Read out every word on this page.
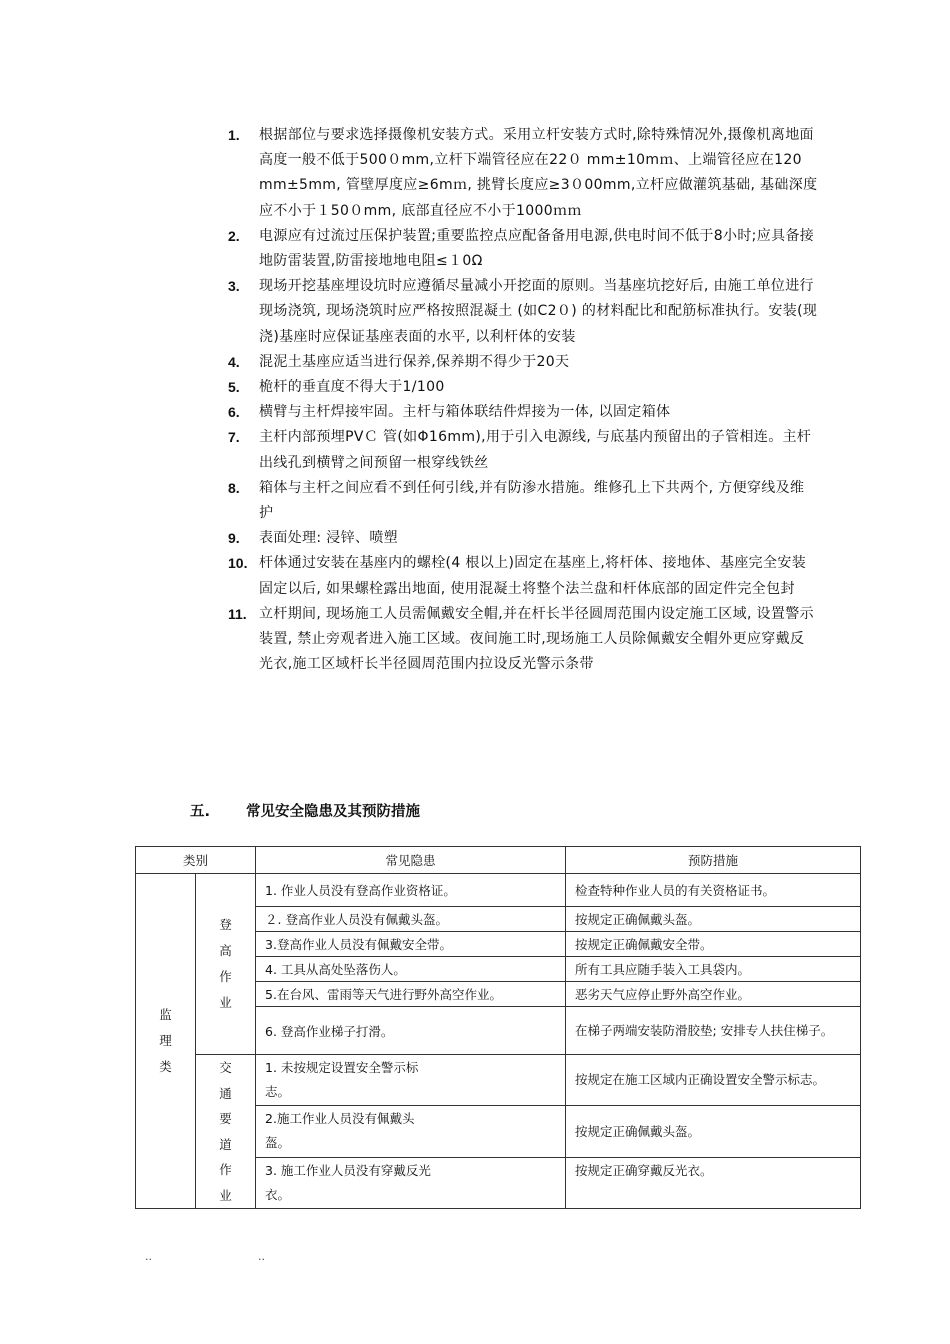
1.	根据部位与要求选择摄像机安装方式。采用立杆安装方式时,除特殊情况外,摄像机离地面高度一般不低于500０mm,立杆下端管径应在22０ mm±10mｍ、上端管径应在120 mm±5mm, 管壁厚度应≥6mｍ, 挑臂长度应≥3０00mm,立杆应做灌筑基础, 基础深度应不小于１50０mm, 底部直径应不小于1000ｍｍ
2.	电源应有过流过压保护装置;重要监控点应配备备用电源,供电时间不低于8小时;应具备接地防雷装置,防雷接地地电阻≤１0Ω
3.	现场开挖基座埋设坑时应遵循尽量减小开挖面的原则。当基座坑挖好后, 由施工单位进行现场浇筑, 现场浇筑时应严格按照混凝土 (如C2０) 的材料配比和配筋标准执行。安装(现浇)基座时应保证基座表面的水平, 以利杆体的安装
4.	混泥土基座应适当进行保养,保养期不得少于20天
5.	桅杆的垂直度不得大于1/100
6.	横臂与主杆焊接牢固。主杆与箱体联结件焊接为一体, 以固定箱体
7.	主杆内部预埋PVＣ 管(如Φ16mm),用于引入电源线, 与底基内预留出的子管相连。主杆出线孔到横臂之间预留一根穿线铁丝
8.	箱体与主杆之间应看不到任何引线,并有防渗水措施。维修孔上下共两个, 方便穿线及维护
9.	表面处理: 浸锌、喷塑
10. 杆体通过安装在基座内的螺栓(4 根以上)固定在基座上,将杆体、接地体、基座完全安装固定以后, 如果螺栓露出地面, 使用混凝土将整个法兰盘和杆体底部的固定件完全包封
11. 立杆期间, 现场施工人员需佩戴安全帽,并在杆长半径圆周范围内设定施工区域, 设置警示装置, 禁止旁观者进入施工区域。夜间施工时,现场施工人员除佩戴安全帽外更应穿戴反光衣,施工区域杆长半径圆周范围内拉设反光警示条带
五. 常见安全隐患及其预防措施
类别		常见隐患	预防措施
监理类	登高作业	1. 作业人员没有登高作业资格证。	检查特种作业人员的有关资格证书。
		２. 登高作业人员没有佩戴头盔。	按规定正确佩戴头盔。
		3.登高作业人员没有佩戴安全带。	按规定正确佩戴安全带。
		4. 工具从高处坠落伤人。	所有工具应随手装入工具袋内。
		5.在台风、雷雨等天气进行野外高空作业。	恶劣天气应停止野外高空作业。
		6. 登高作业梯子打滑。	在梯子两端安装防滑胶垫; 安排专人扶住梯子。
	交通要道作业	1. 未按规定设置安全警示标志。	按规定在施工区域内正确设置安全警示标志。
		2.施工作业人员没有佩戴头盔。	按规定正确佩戴头盔。
		3. 施工作业人员没有穿戴反光衣。	按规定正确穿戴反光衣。
..	..
